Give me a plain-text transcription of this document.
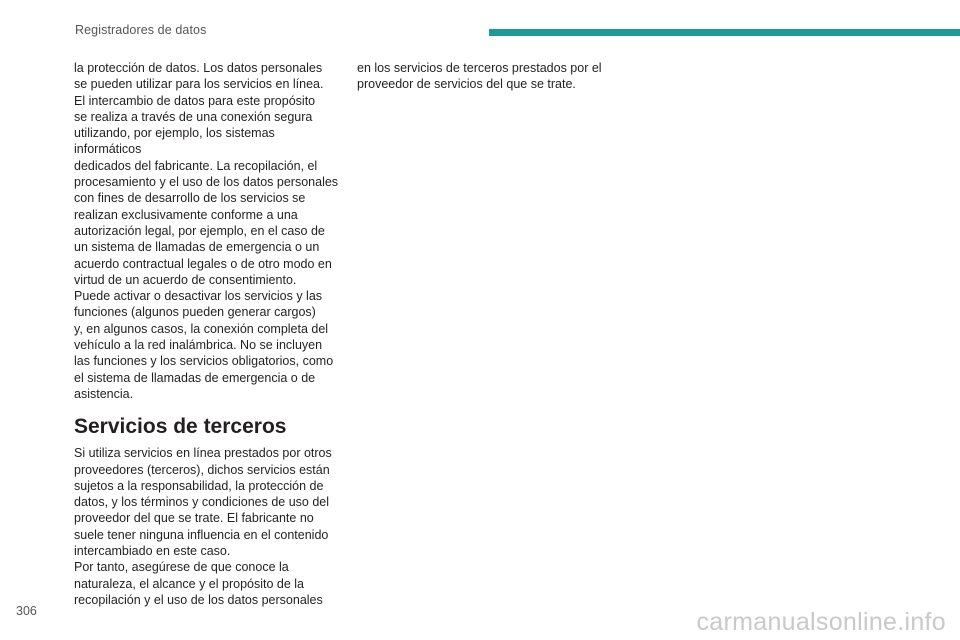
Registradores de datos

la protección de datos. Los datos personales
se pueden utilizar para los servicios en línea.
El intercambio de datos para este propósito
se realiza a través de una conexión segura
utilizando, por ejemplo, los sistemas informáticos
dedicados del fabricante. La recopilación, el
procesamiento y el uso de los datos personales
con fines de desarrollo de los servicios se
realizan exclusivamente conforme a una
autorización legal, por ejemplo, en el caso de
un sistema de llamadas de emergencia o un
acuerdo contractual legales o de otro modo en
virtud de un acuerdo de consentimiento.

Puede activar o desactivar los servicios y las
funciones (algunos pueden generar cargos)
y, en algunos casos, la conexión completa del
vehículo a la red inalámbrica. No se incluyen
las funciones y los servicios obligatorios, como
el sistema de llamadas de emergencia o de
asistencia.

Servicios de terceros

Si utiliza servicios en línea prestados por otros
proveedores (terceros), dichos servicios están
sujetos a la responsabilidad, la protección de
datos, y los términos y condiciones de uso del
proveedor del que se trate. El fabricante no
suele tener ninguna influencia en el contenido
intercambiado en este caso.

Por tanto, asegúrese de que conoce la
naturaleza, el alcance y el propósito de la
recopilación y el uso de los datos personales

en los servicios de terceros prestados por el
proveedor de servicios del que se trate.

306	carmanualsonline.info
